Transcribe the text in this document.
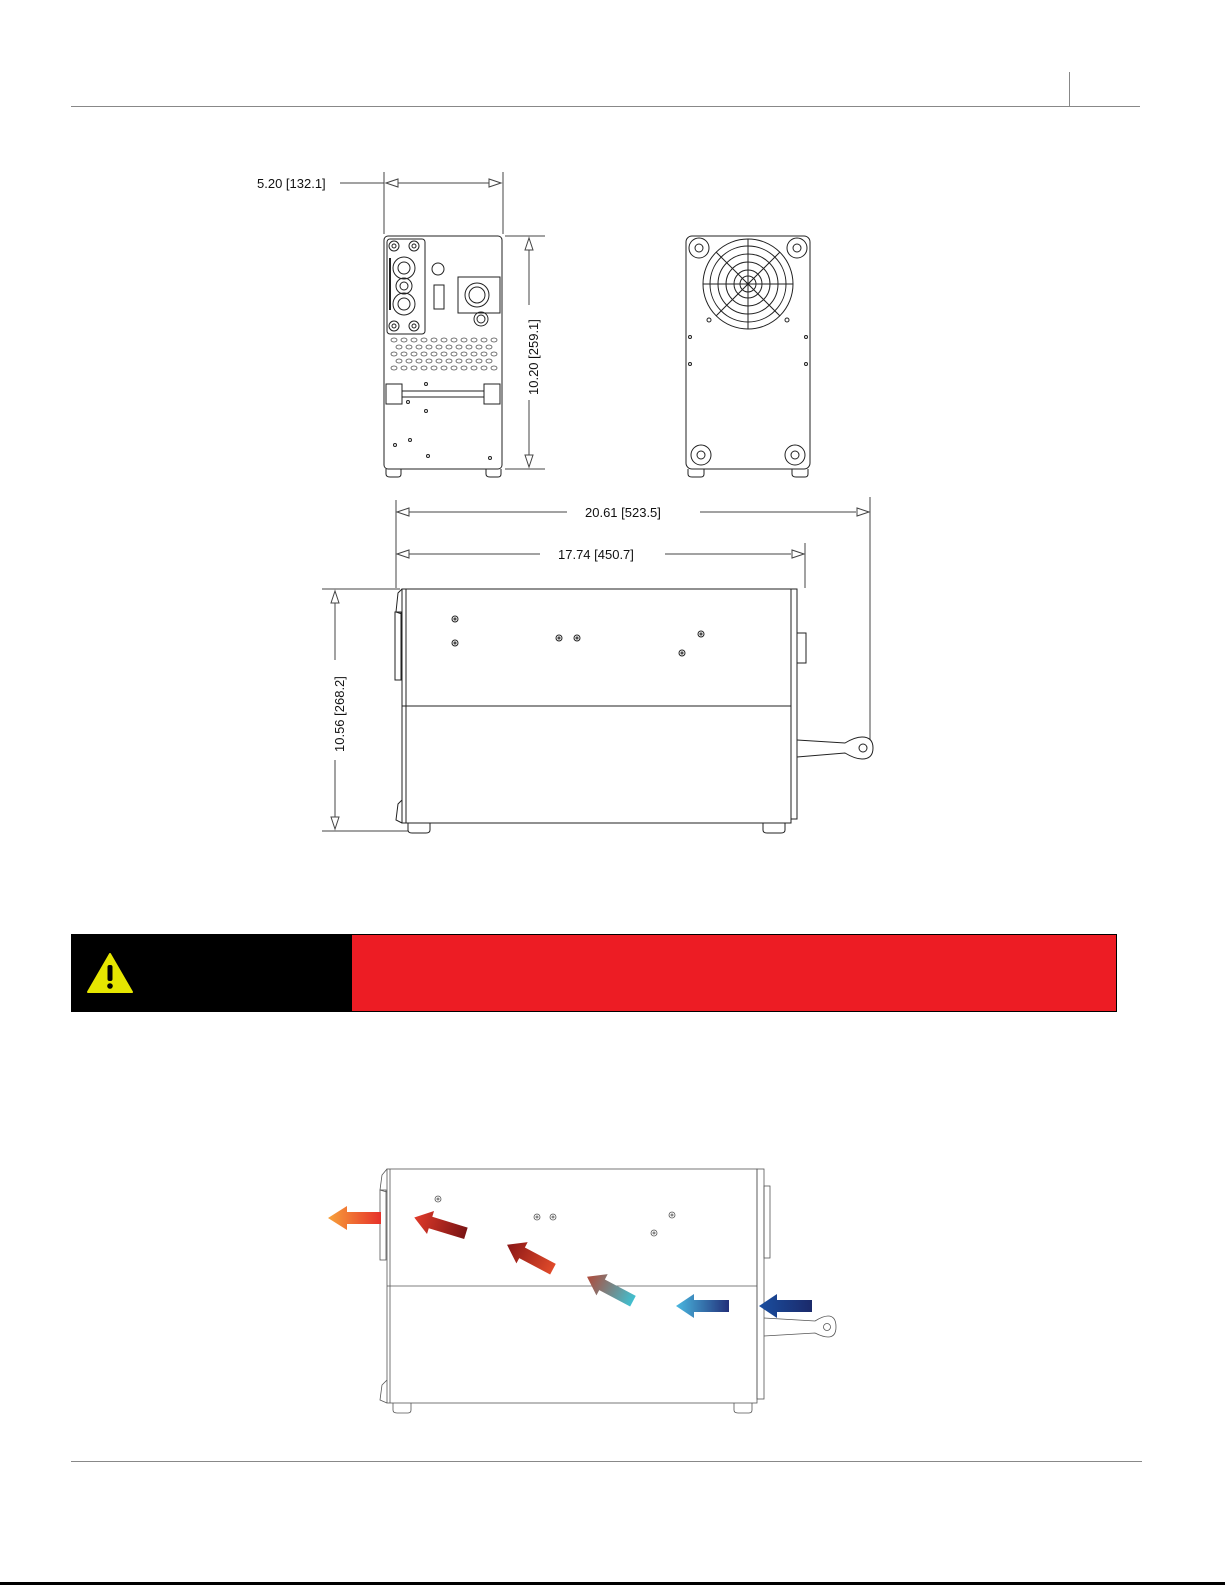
5.20 [132.1]
10.20 [259.1]
20.61 [523.5]
17.74 [450.7]
10.56 [268.2]
